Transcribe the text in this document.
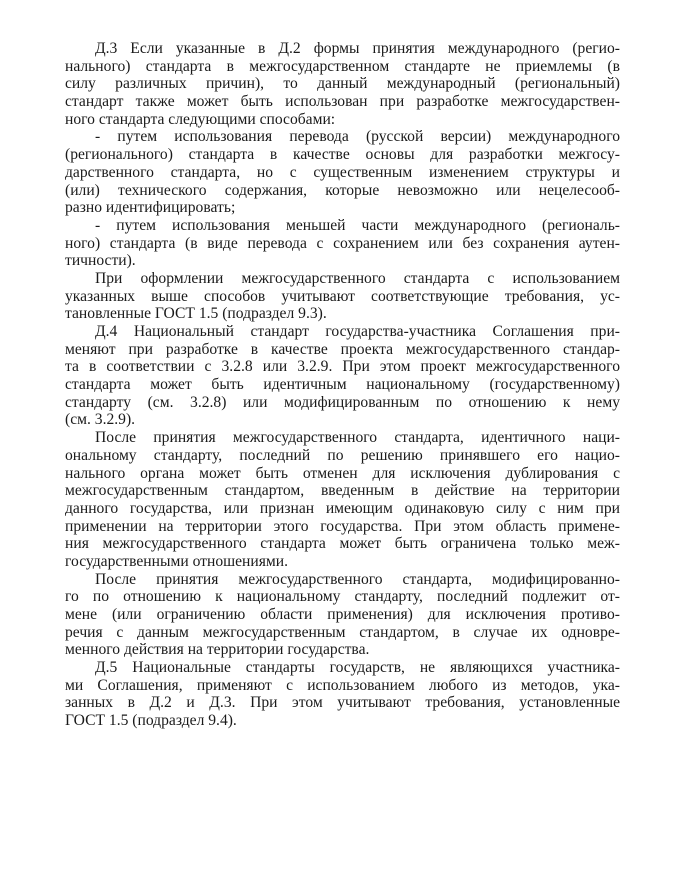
Д.3 Если указанные в Д.2 формы принятия международного (регио-
нального) стандарта в межгосударственном стандарте не приемлемы (в
силу различных причин), то данный международный (региональный)
стандарт также может быть использован при разработке межгосударствен-
ного стандарта следующими способами:
- путем использования перевода (русской версии) международного
(регионального) стандарта в качестве основы для разработки межгосу-
дарственного стандарта, но с существенным изменением структуры и
(или) технического содержания, которые невозможно или нецелесооб-
разно идентифицировать;
- путем использования меньшей части международного (региональ-
ного) стандарта (в виде перевода с сохранением или без сохранения аутен-
тичности).
При оформлении межгосударственного стандарта с использованием
указанных выше способов учитывают соответствующие требования, ус-
тановленные ГОСТ 1.5 (подраздел 9.3).
Д.4 Национальный стандарт государства-участника Соглашения при-
меняют при разработке в качестве проекта межгосударственного стандар-
та в соответствии с 3.2.8 или 3.2.9. При этом проект межгосударственного
стандарта может быть идентичным национальному (государственному)
стандарту (см. 3.2.8) или модифицированным по отношению к нему
(см. 3.2.9).
После принятия межгосударственного стандарта, идентичного нaци-
ональному стандарту, последний по решению принявшего его нацио-
нального органа может быть отменен для исключения дублирования с
межгосударственным стандартом, введенным в действие на территории
данного государства, или признан имеющим одинаковую силу с ним при
применении на территории этого государства. При этом область примене-
ния межгосударственного стандарта может быть ограничена только меж-
государственными отношениями.
После принятия межгосударственного стандарта, модифицированно-
го по отношению к национальному стандарту, последний подлежит от-
мене (или ограничению области применения) для исключения противо-
речия с данным межгосударственным стандартом, в случае их одновре-
менного действия на территории государства.
Д.5 Национальные стандарты государств, не являющихся участника-
ми Соглашения, применяют с использованием любого из методов, ука-
занных в Д.2 и Д.3. При этом учитывают требования, установленные
ГОСТ 1.5 (подраздел 9.4).
